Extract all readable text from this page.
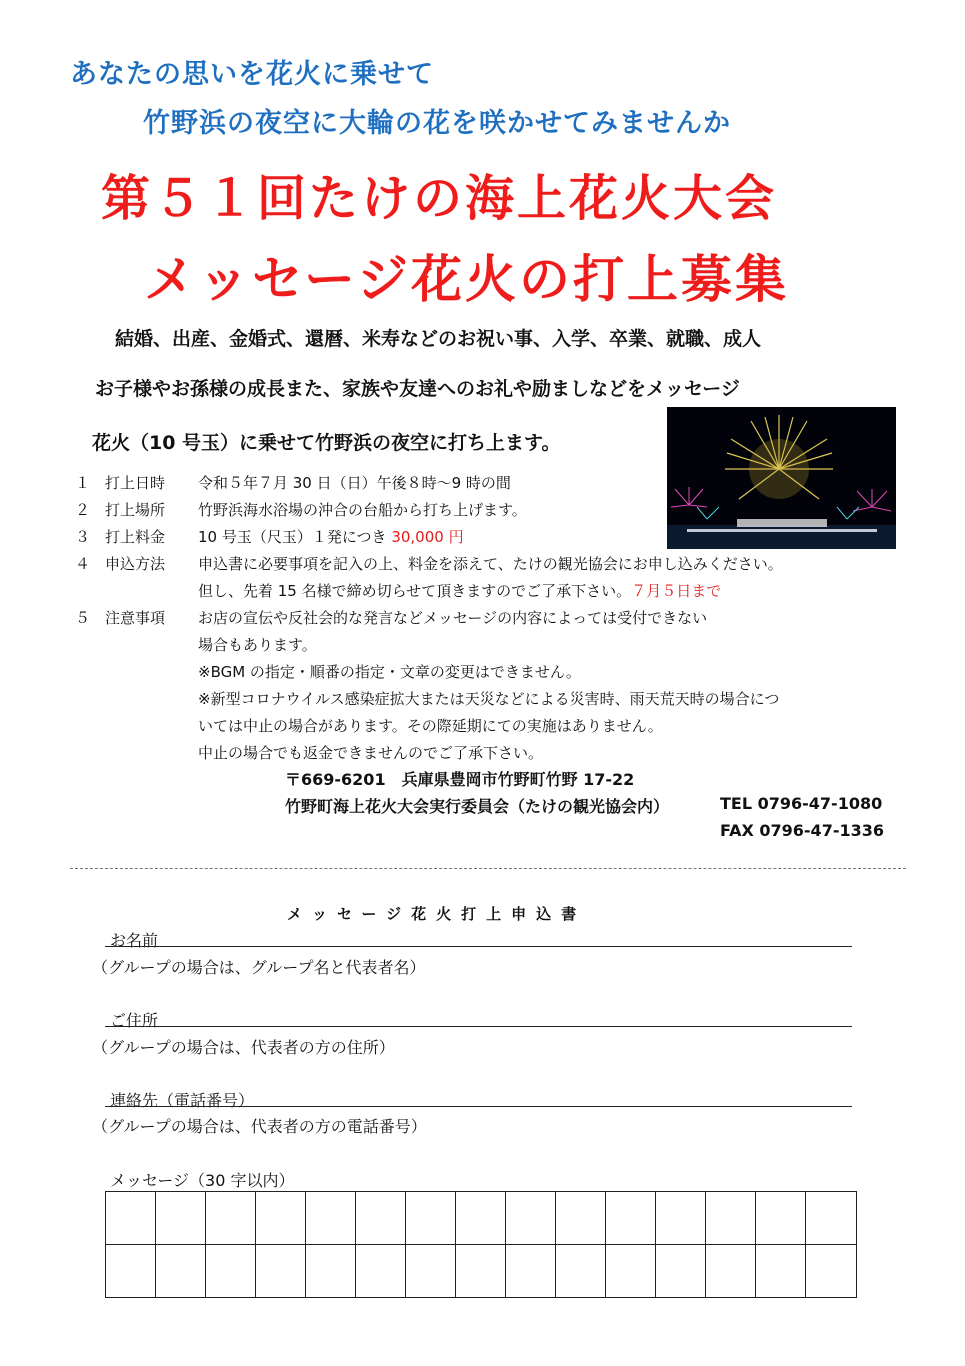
あなたの思いを花火に乗せて
竹野浜の夜空に大輪の花を咲かせてみませんか
第５１回たけの海上花火大会
メッセージ花火の打上募集
結婚、出産、金婚式、還暦、米寿などのお祝い事、入学、卒業、就職、成人
お子様やお孫様の成長また、家族や友達へのお礼や励ましなどをメッセージ
花火（10 号玉）に乗せて竹野浜の夜空に打ち上ます。
１ 打上日時 令和５年７月 30 日（日）午後８時～9 時の間
２ 打上場所 竹野浜海水浴場の沖合の台船から打ち上げます。
３ 打上料金 10 号玉（尺玉）１発につき 30,000 円
４ 申込方法 申込書に必要事項を記入の上、料金を添えて、たけの観光協会にお申し込みください。
但し、先着 15 名様で締め切らせて頂きますのでご了承下さい。７月５日まで
５ 注意事項 お店の宣伝や反社会的な発言などメッセージの内容によっては受付できない
場合もあります。
※BGM の指定・順番の指定・文章の変更はできません。
※新型コロナウイルス感染症拡大または天災などによる災害時、雨天荒天時の場合につ
いては中止の場合があります。その際延期にての実施はありません。
中止の場合でも返金できませんのでご了承下さい。
〒669-6201　兵庫県豊岡市竹野町竹野 17-22
竹野町海上花火大会実行委員会（たけの観光協会内）	TEL 0796-47-1080
FAX 0796-47-1336
メッセージ花火打上申込書
お名前
（グループの場合は、グループ名と代表者名）
ご住所
（グループの場合は、代表者の方の住所）
連絡先（電話番号）
（グループの場合は、代表者の方の電話番号）
メッセージ（30 字以内）
